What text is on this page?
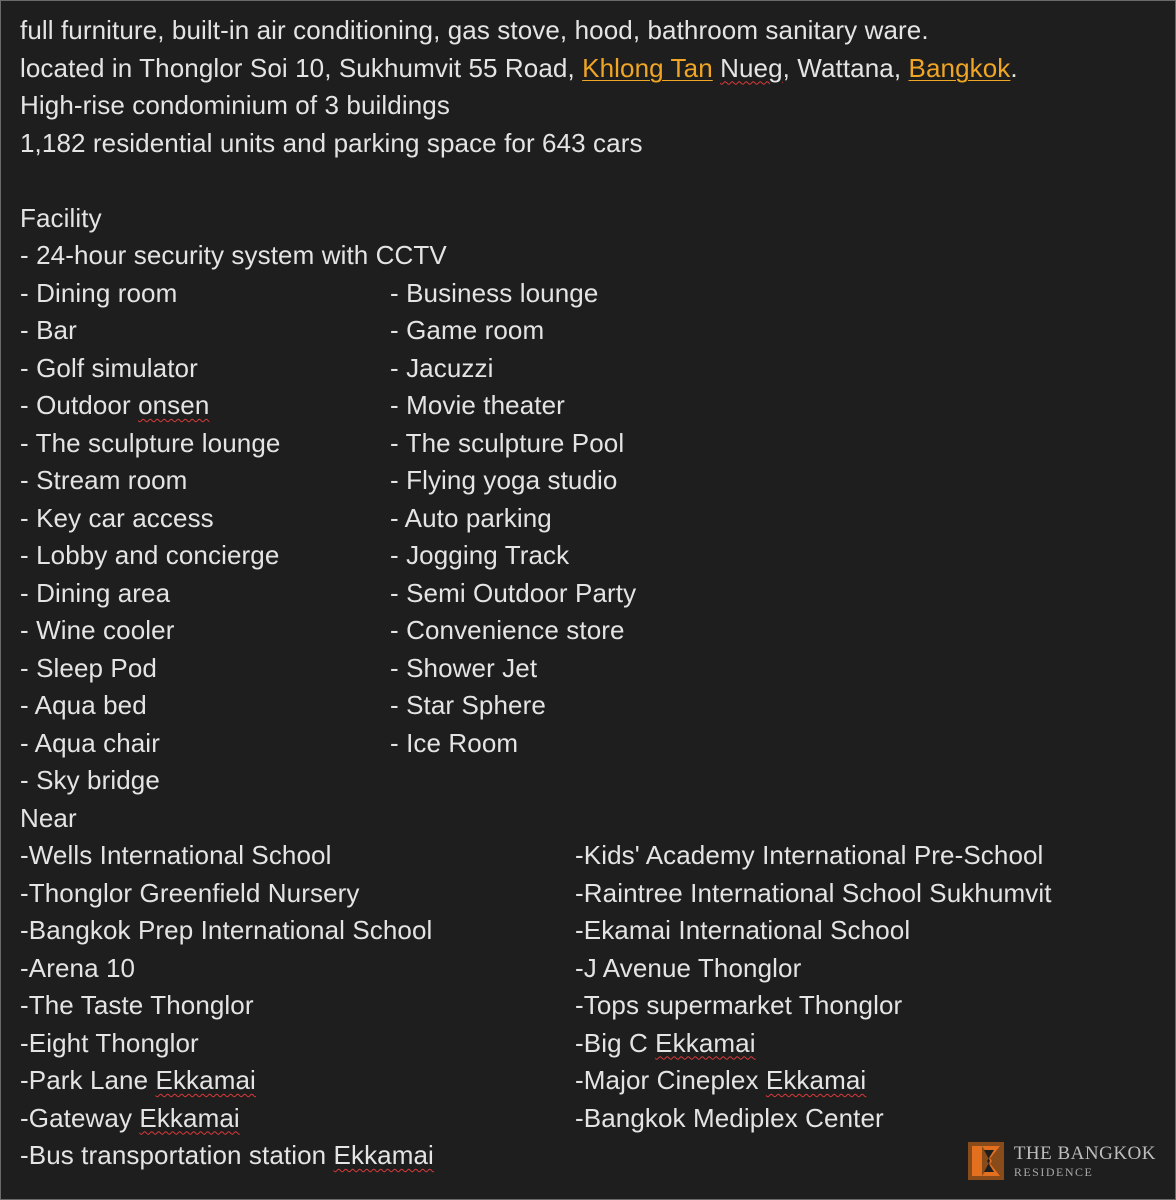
full furniture, built-in air conditioning, gas stove, hood, bathroom sanitary ware.
located in Thonglor Soi 10, Sukhumvit 55 Road, Khlong Tan Nueg, Wattana, Bangkok.
High-rise condominium of 3 buildings
1,182 residential units and parking space for 643 cars
Facility
- 24-hour security system with CCTV
- Dining room	- Business lounge
- Bar	- Game room
- Golf simulator	- Jacuzzi
- Outdoor onsen	- Movie theater
- The sculpture lounge	- The sculpture Pool
- Stream room	- Flying yoga studio
- Key car access	- Auto parking
- Lobby and concierge	- Jogging Track
- Dining area	- Semi Outdoor Party
- Wine cooler	- Convenience store
- Sleep Pod	- Shower Jet
- Aqua bed	- Star Sphere
- Aqua chair	- Ice Room
- Sky bridge
Near
-Wells International School	-Kids' Academy International Pre-School
-Thonglor Greenfield Nursery	-Raintree International School Sukhumvit
-Bangkok Prep International School	-Ekamai International School
-Arena 10	-J Avenue Thonglor
-The Taste Thonglor	-Tops supermarket Thonglor
-Eight Thonglor	-Big C Ekkamai
-Park Lane Ekkamai	-Major Cineplex Ekkamai
-Gateway Ekkamai	-Bangkok Mediplex Center
-Bus transportation station Ekkamai	THE BANGKOK
RESIDENCE
